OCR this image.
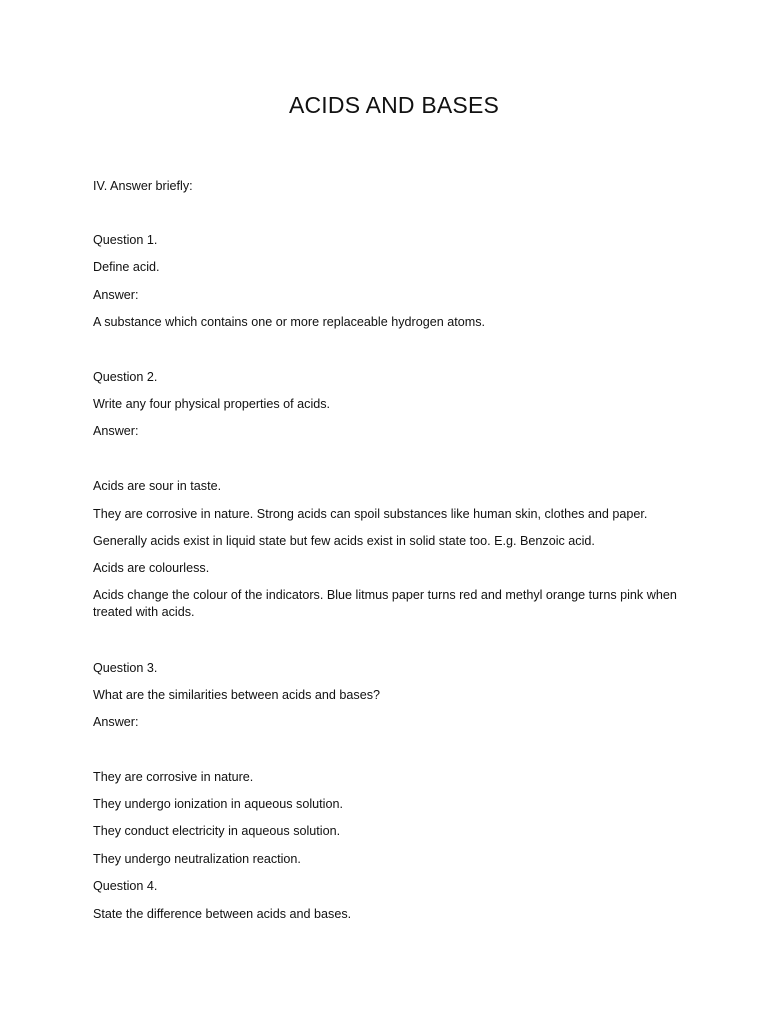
ACIDS AND BASES

IV. Answer briefly:

Question 1.

Define acid.

Answer:

A substance which contains one or more replaceable hydrogen atoms.

Question 2.

Write any four physical properties of acids.

Answer:

Acids are sour in taste.

They are corrosive in nature. Strong acids can spoil substances like human skin, clothes and paper.

Generally acids exist in liquid state but few acids exist in solid state too. E.g. Benzoic acid.

Acids are colourless.

Acids change the colour of the indicators. Blue litmus paper turns red and methyl orange turns pink when treated with acids.

Question 3.

What are the similarities between acids and bases?

Answer:

They are corrosive in nature.

They undergo ionization in aqueous solution.

They conduct electricity in aqueous solution.

They undergo neutralization reaction.

Question 4.

State the difference between acids and bases.
